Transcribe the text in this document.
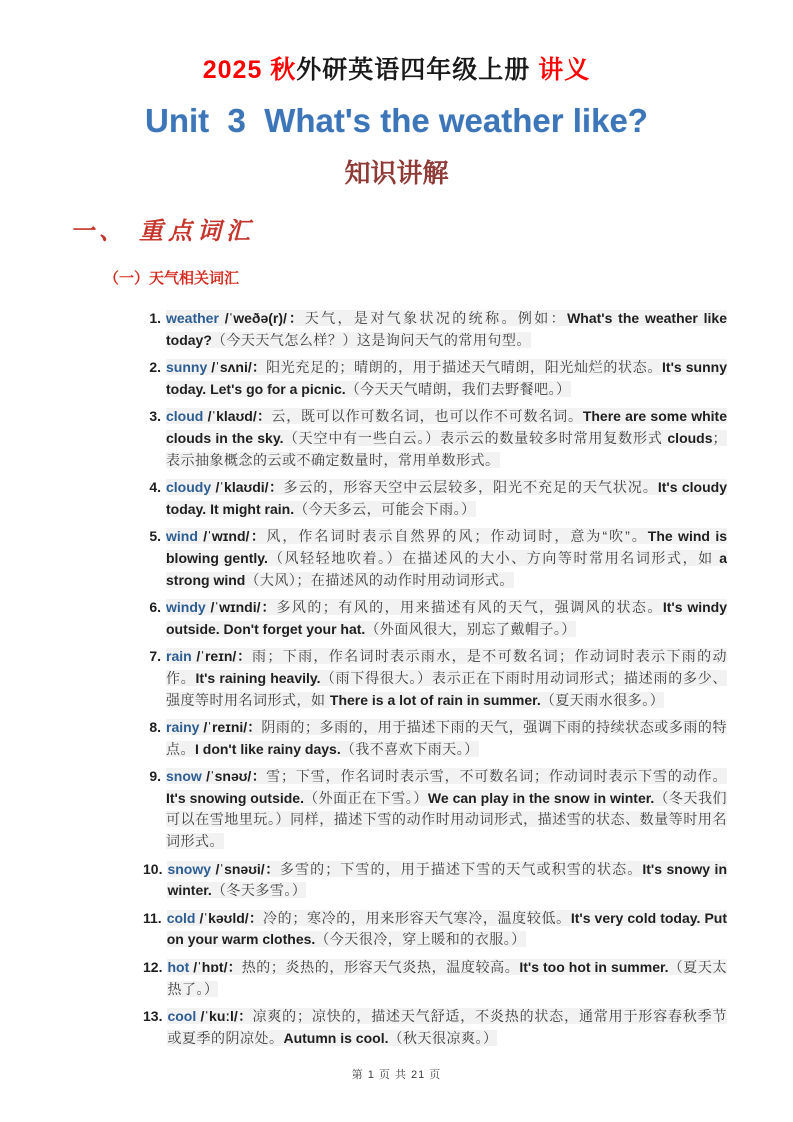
2025 秋外研英语四年级上册 讲义
Unit  3  What's the weather like?
知识讲解
一、 重点词汇
（一）天气相关词汇
1. weather /ˈweðə(r)/：天气，是对气象状况的统称。例如：What's the weather like today?（今天天气怎么样？）这是询问天气的常用句型。
2. sunny /ˈsʌni/：阳光充足的；晴朗的，用于描述天气晴朗，阳光灿烂的状态。It's sunny today. Let's go for a picnic.（今天天气晴朗，我们去野餐吧。）
3. cloud /ˈklaʊd/：云，既可以作可数名词，也可以作不可数名词。There are some white clouds in the sky.（天空中有一些白云。）表示云的数量较多时常用复数形式 clouds；表示抽象概念的云或不确定数量时，常用单数形式。
4. cloudy /ˈklaʊdi/：多云的，形容天空中云层较多，阳光不充足的天气状况。It's cloudy today. It might rain.（今天多云，可能会下雨。）
5. wind /ˈwɪnd/：风，作名词时表示自然界的风；作动词时，意为“吹”。The wind is blowing gently.（风轻轻地吹着。）在描述风的大小、方向等时常用名词形式，如 a strong wind（大风）；在描述风的动作时用动词形式。
6. windy /ˈwɪndi/：多风的；有风的，用来描述有风的天气，强调风的状态。It's windy outside. Don't forget your hat.（外面风很大，别忘了戴帽子。）
7. rain /ˈreɪn/：雨；下雨，作名词时表示雨水，是不可数名词；作动词时表示下雨的动作。It's raining heavily.（雨下得很大。）表示正在下雨时用动词形式；描述雨的多少、强度等时用名词形式，如 There is a lot of rain in summer.（夏天雨水很多。）
8. rainy /ˈreɪni/：阴雨的；多雨的，用于描述下雨的天气，强调下雨的持续状态或多雨的特点。I don't like rainy days.（我不喜欢下雨天。）
9. snow /ˈsnəʊ/：雪；下雪，作名词时表示雪，不可数名词；作动词时表示下雪的动作。It's snowing outside.（外面正在下雪。）We can play in the snow in winter.（冬天我们可以在雪地里玩。）同样，描述下雪的动作时用动词形式，描述雪的状态、数量等时用名词形式。
10. snowy /ˈsnəʊi/：多雪的；下雪的，用于描述下雪的天气或积雪的状态。It's snowy in winter.（冬天多雪。）
11. cold /ˈkəʊld/：冷的；寒冷的，用来形容天气寒冷，温度较低。It's very cold today. Put on your warm clothes.（今天很冷，穿上暖和的衣服。）
12. hot /ˈhɒt/：热的；炎热的，形容天气炎热，温度较高。It's too hot in summer.（夏天太热了。）
13. cool /ˈkuːl/：凉爽的；凉快的，描述天气舒适，不炎热的状态，通常用于形容春秋季节或夏季的阴凉处。Autumn is cool.（秋天很凉爽。）
第 1 页 共 21 页
